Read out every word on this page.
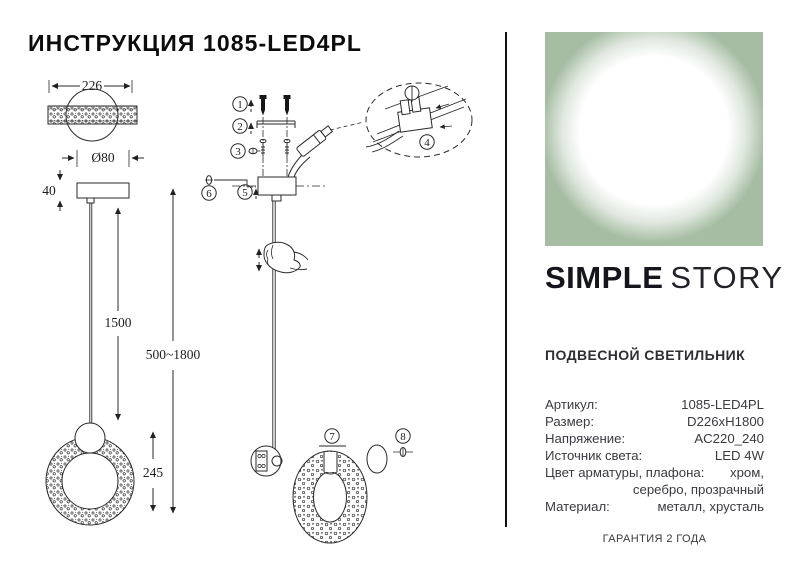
ИНСТРУКЦИЯ 1085-LED4PL
226
Ø80
40
1500
500~1800
245
1
2
3
5
6
4
7	8
SIMPLE STORY
ПОДВЕСНОЙ СВЕТИЛЬНИК
Артикул:	1085-LED4PL
Размер:	D226xH1800
Напряжение:	AC220_240
Источник света:	LED 4W
Цвет арматуры, плафона:	хром, серебро, прозрачный
Материал:	металл, хрусталь
ГАРАНТИЯ 2 ГОДА
